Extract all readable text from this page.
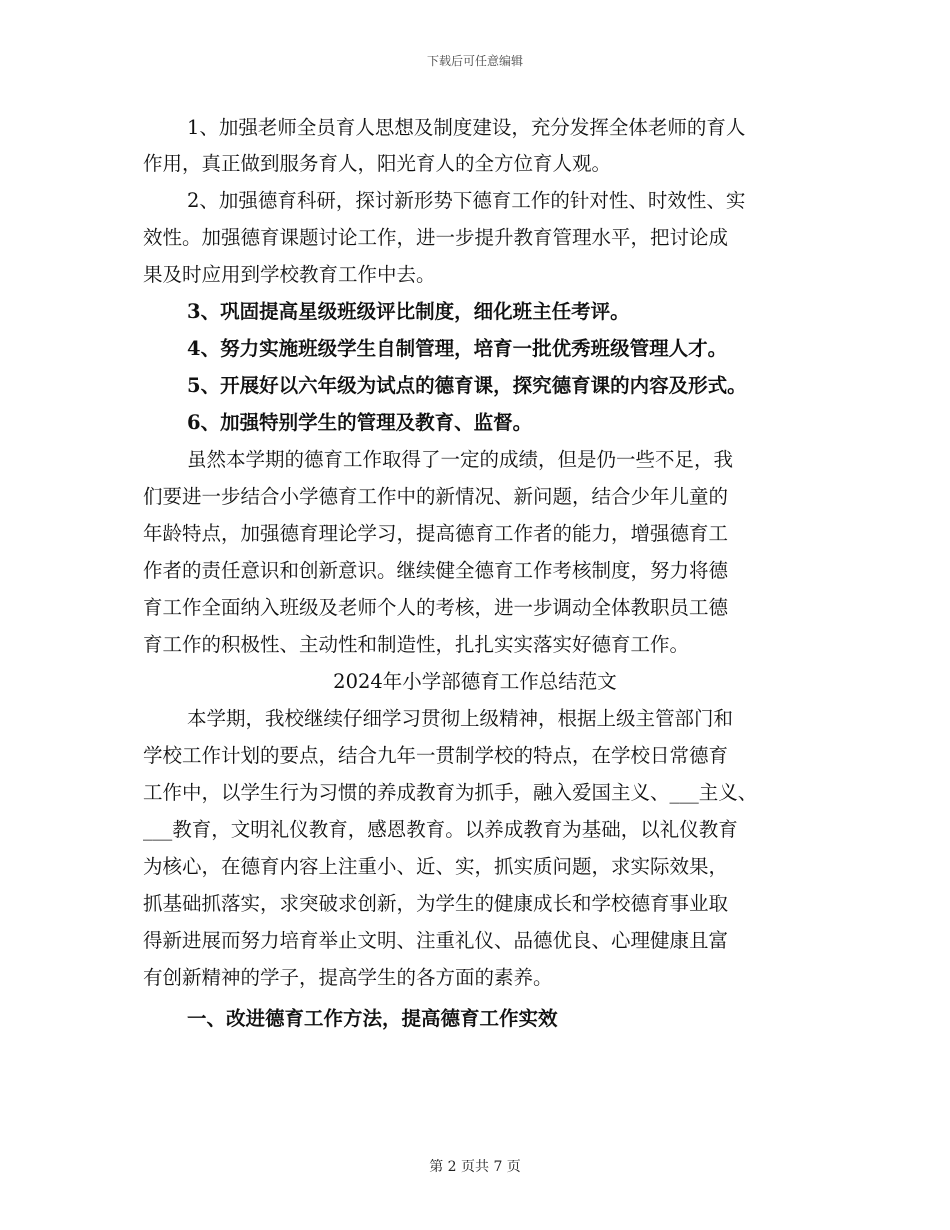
下载后可任意编辑
1、加强老师全员育人思想及制度建设，充分发挥全体老师的育人
作用，真正做到服务育人，阳光育人的全方位育人观。
2、加强德育科研，探讨新形势下德育工作的针对性、时效性、实
效性。加强德育课题讨论工作，进一步提升教育管理水平，把讨论成
果及时应用到学校教育工作中去。
3、巩固提高星级班级评比制度，细化班主任考评。
4、努力实施班级学生自制管理，培育一批优秀班级管理人才。
5、开展好以六年级为试点的德育课，探究德育课的内容及形式。
6、加强特别学生的管理及教育、监督。
虽然本学期的德育工作取得了一定的成绩，但是仍一些不足，我
们要进一步结合小学德育工作中的新情况、新问题，结合少年儿童的
年龄特点，加强德育理论学习，提高德育工作者的能力，增强德育工
作者的责任意识和创新意识。继续健全德育工作考核制度，努力将德
育工作全面纳入班级及老师个人的考核，进一步调动全体教职员工德
育工作的积极性、主动性和制造性，扎扎实实落实好德育工作。
2024年小学部德育工作总结范文
本学期，我校继续仔细学习贯彻上级精神，根据上级主管部门和
学校工作计划的要点，结合九年一贯制学校的特点，在学校日常德育
工作中，以学生行为习惯的养成教育为抓手，融入爱国主义、___主义、
___教育，文明礼仪教育，感恩教育。以养成教育为基础，以礼仪教育
为核心，在德育内容上注重小、近、实，抓实质问题，求实际效果，
抓基础抓落实，求突破求创新，为学生的健康成长和学校德育事业取
得新进展而努力培育举止文明、注重礼仪、品德优良、心理健康且富
有创新精神的学子，提高学生的各方面的素养。
一、改进德育工作方法，提高德育工作实效
第 2 页共 7 页
